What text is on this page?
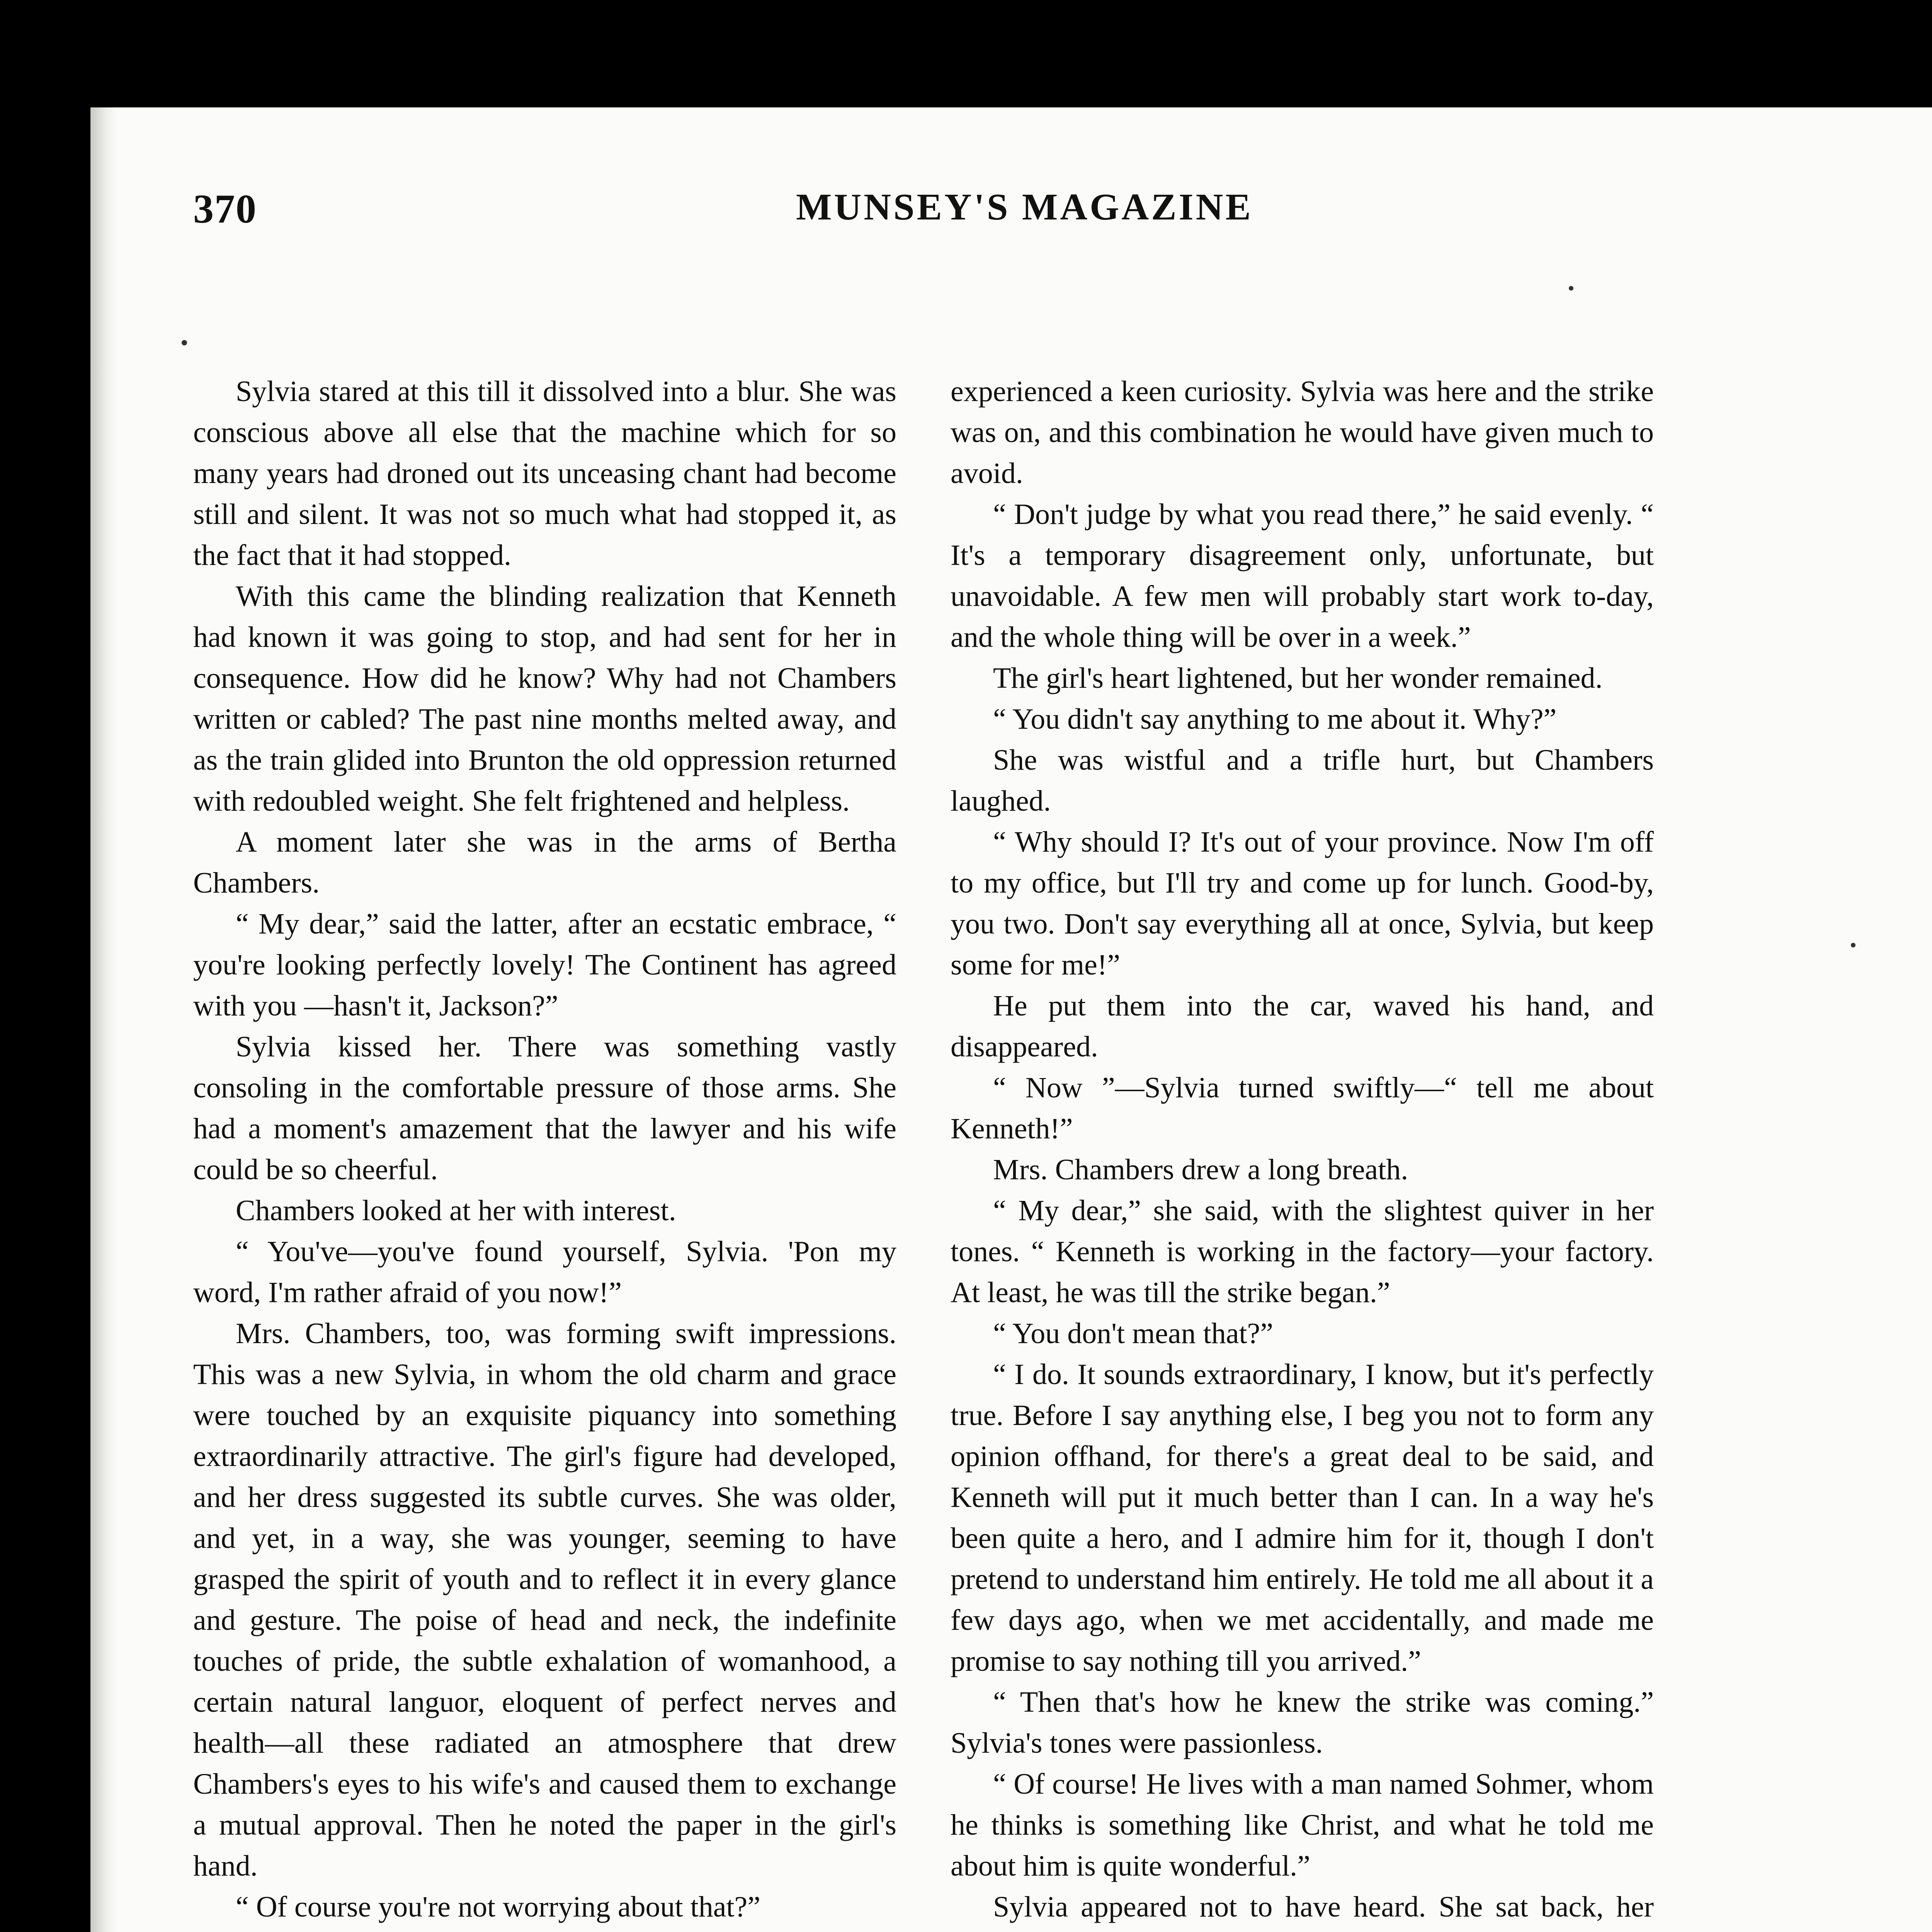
370	MUNSEY'S MAGAZINE

Sylvia stared at this till it dissolved into a blur. She was conscious above all else that the machine which for so many years had droned out its unceasing chant had become still and silent. It was not so much what had stopped it, as the fact that it had stopped.

With this came the blinding realization that Kenneth had known it was going to stop, and had sent for her in consequence. How did he know? Why had not Chambers written or cabled? The past nine months melted away, and as the train glided into Brunton the old oppression returned with redoubled weight. She felt frightened and helpless.

A moment later she was in the arms of Bertha Chambers.

“ My dear,” said the latter, after an ecstatic embrace, “ you're looking perfectly lovely! The Continent has agreed with you —hasn't it, Jackson?”

Sylvia kissed her. There was something vastly consoling in the comfortable pressure of those arms. She had a moment's amazement that the lawyer and his wife could be so cheerful.

Chambers looked at her with interest.

“ You've—you've found yourself, Sylvia. 'Pon my word, I'm rather afraid of you now!”

Mrs. Chambers, too, was forming swift impressions. This was a new Sylvia, in whom the old charm and grace were touched by an exquisite piquancy into something extraordinarily attractive. The girl's figure had developed, and her dress suggested its subtle curves. She was older, and yet, in a way, she was younger, seeming to have grasped the spirit of youth and to reflect it in every glance and gesture. The poise of head and neck, the indefinite touches of pride, the subtle exhalation of womanhood, a certain natural languor, eloquent of perfect nerves and health—all these radiated an atmosphere that drew Chambers's eyes to his wife's and caused them to exchange a mutual approval. Then he noted the paper in the girl's hand.

“ Of course you're not worrying about that?”

experienced a keen curiosity. Sylvia was here and the strike was on, and this combination he would have given much to avoid.

“ Don't judge by what you read there,” he said evenly. “ It's a temporary disagreement only, unfortunate, but unavoidable. A few men will probably start work to-day, and the whole thing will be over in a week.”

The girl's heart lightened, but her wonder remained.

“ You didn't say anything to me about it. Why?”

She was wistful and a trifle hurt, but Chambers laughed.

“ Why should I? It's out of your province. Now I'm off to my office, but I'll try and come up for lunch. Good-by, you two. Don't say everything all at once, Sylvia, but keep some for me!”

He put them into the car, waved his hand, and disappeared.

“ Now ”—Sylvia turned swiftly—“ tell me about Kenneth!”

Mrs. Chambers drew a long breath.

“ My dear,” she said, with the slightest quiver in her tones. “ Kenneth is working in the factory—your factory. At least, he was till the strike began.”

“ You don't mean that?”

“ I do. It sounds extraordinary, I know, but it's perfectly true. Before I say anything else, I beg you not to form any opinion offhand, for there's a great deal to be said, and Kenneth will put it much better than I can. In a way he's been quite a hero, and I admire him for it, though I don't pretend to understand him entirely. He told me all about it a few days ago, when we met accidentally, and made me promise to say nothing till you arrived.”

“ Then that's how he knew the strike was coming.” Sylvia's tones were passionless.

“ Of course! He lives with a man named Sohmer, whom he thinks is something like Christ, and what he told me about him is quite wonderful.”

Sylvia appeared not to have heard. She sat back, her
